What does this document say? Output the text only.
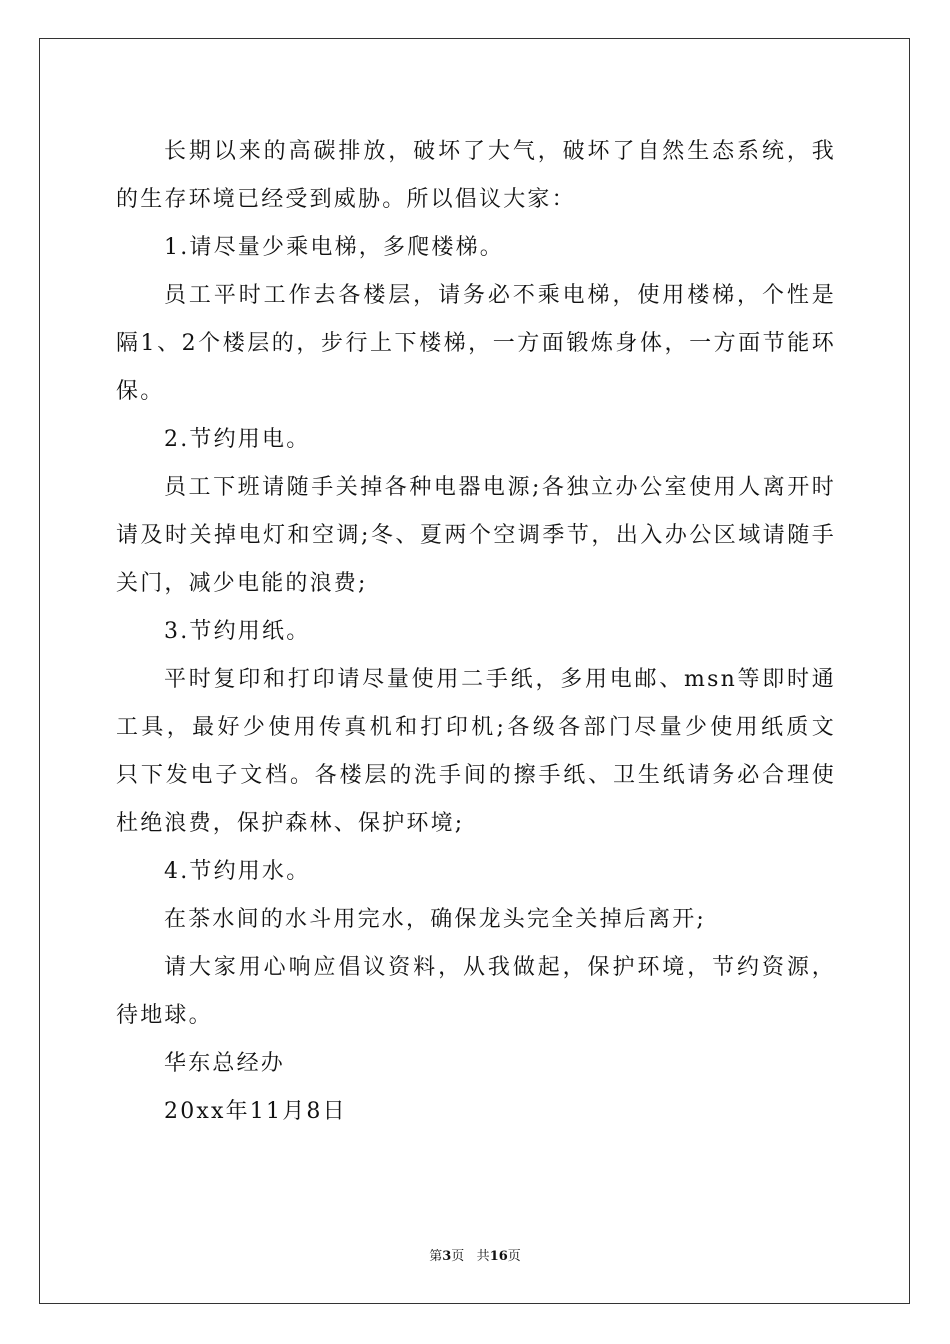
长期以来的高碳排放，破坏了大气，破坏了自然生态系统，我
的生存环境已经受到威胁。所以倡议大家：
1.请尽量少乘电梯，多爬楼梯。
员工平时工作去各楼层，请务必不乘电梯，使用楼梯，个性是
隔1、2个楼层的，步行上下楼梯，一方面锻炼身体，一方面节能环
保。
2.节约用电。
员工下班请随手关掉各种电器电源;各独立办公室使用人离开时
请及时关掉电灯和空调;冬、夏两个空调季节，出入办公区域请随手
关门，减少电能的浪费;
3.节约用纸。
平时复印和打印请尽量使用二手纸，多用电邮、msn等即时通
工具，最好少使用传真机和打印机;各级各部门尽量少使用纸质文
只下发电子文档。各楼层的洗手间的擦手纸、卫生纸请务必合理使
杜绝浪费，保护森林、保护环境;
4.节约用水。
在茶水间的水斗用完水，确保龙头完全关掉后离开;
请大家用心响应倡议资料，从我做起，保护环境，节约资源，
待地球。
华东总经办
20xx年11月8日
第3页 共16页
